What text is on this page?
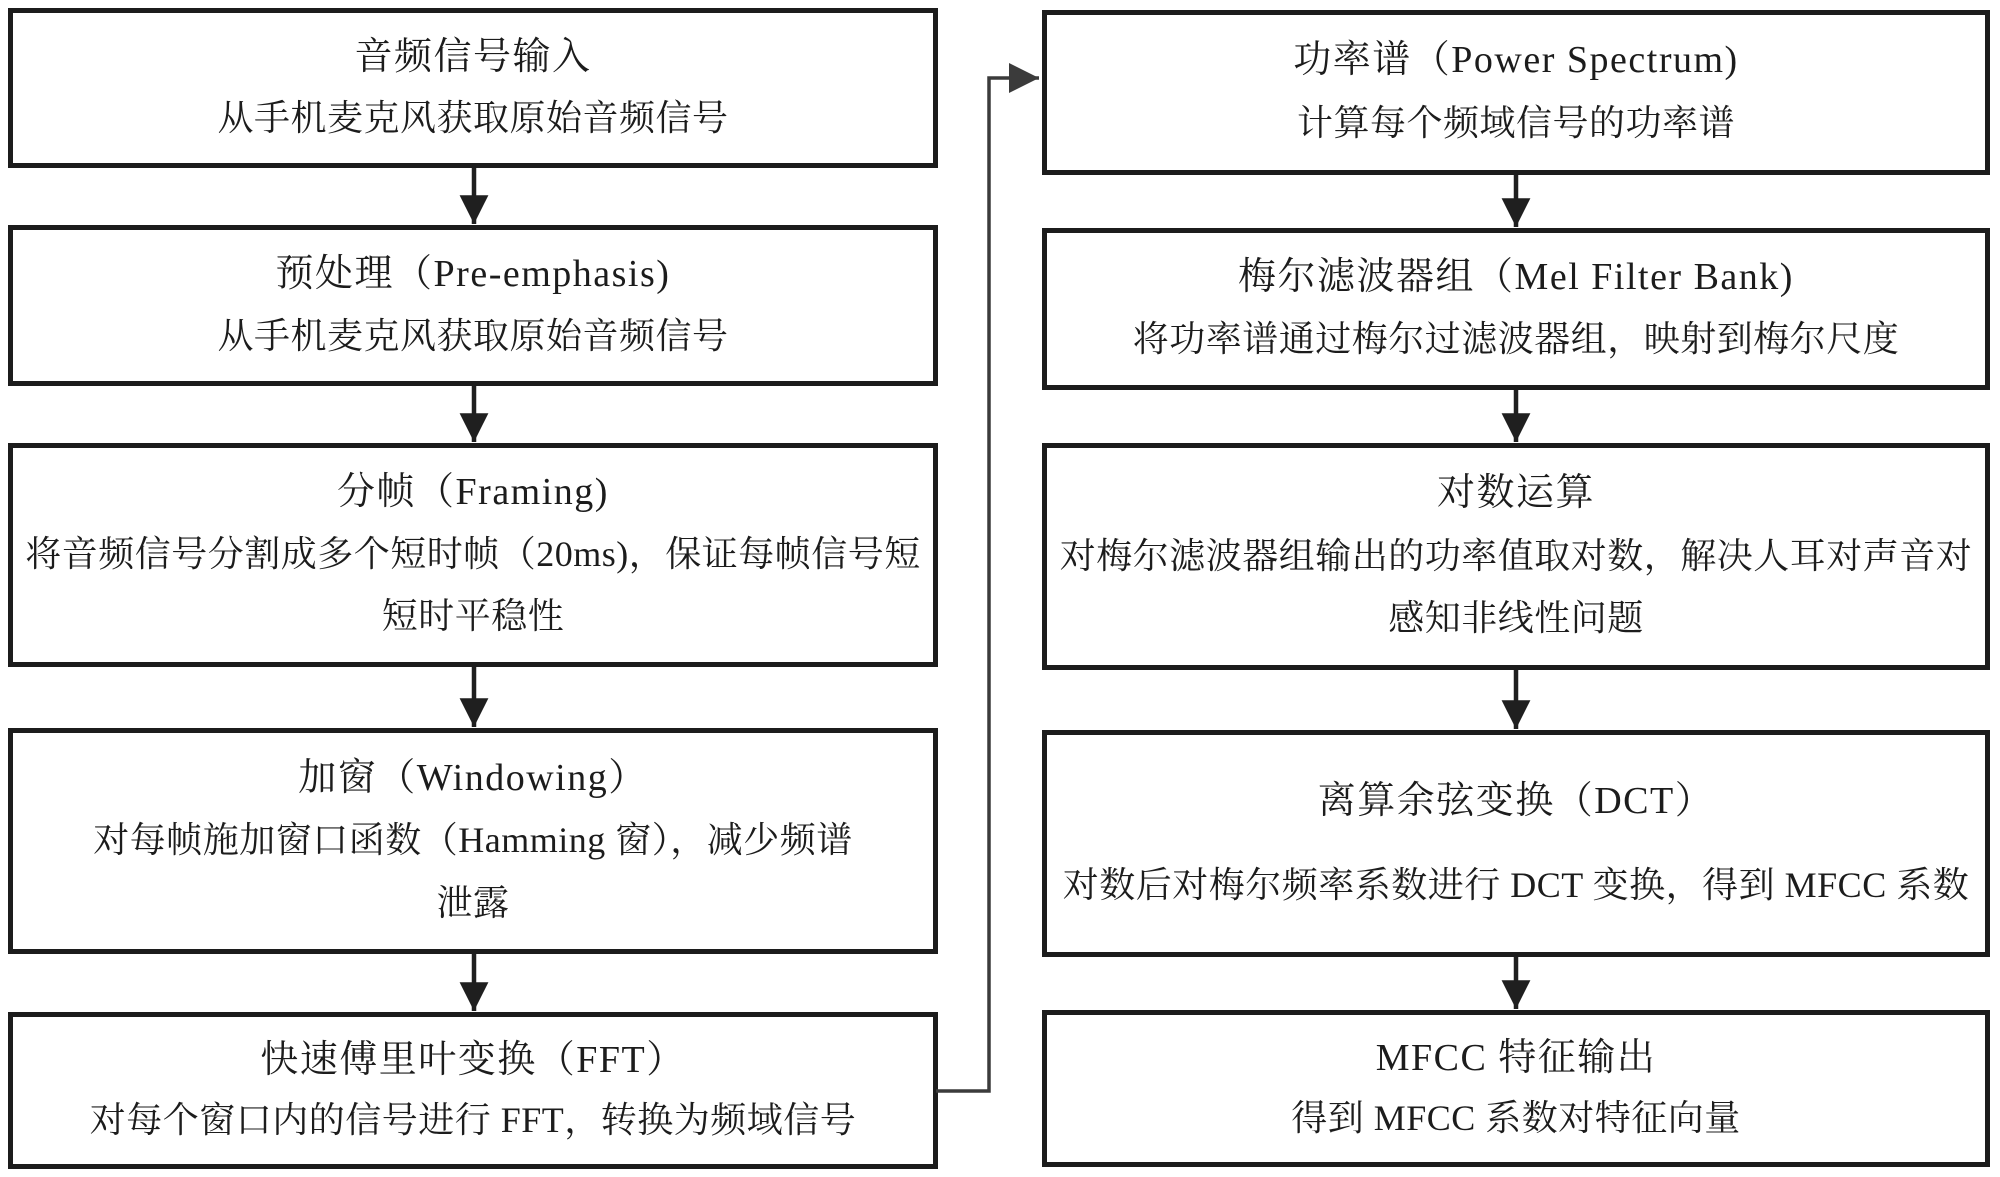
音频信号输入
从手机麦克风获取原始音频信号
预处理（Pre-emphasis)
从手机麦克风获取原始音频信号
分帧（Framing)
将音频信号分割成多个短时帧（20ms)，保证每帧信号短
短时平稳性
加窗（Windowing）
对每帧施加窗口函数（Hamming 窗），减少频谱
泄露
快速傅里叶变换（FFT）
对每个窗口内的信号进行 FFT，转换为频域信号
功率谱（Power Spectrum)
计算每个频域信号的功率谱
梅尔滤波器组（Mel Filter Bank)
将功率谱通过梅尔过滤波器组，映射到梅尔尺度
对数运算
对梅尔滤波器组输出的功率值取对数，解决人耳对声音对
感知非线性问题
离算余弦变换（DCT）
对数后对梅尔频率系数进行 DCT 变换，得到 MFCC 系数
MFCC 特征输出
得到 MFCC 系数对特征向量
